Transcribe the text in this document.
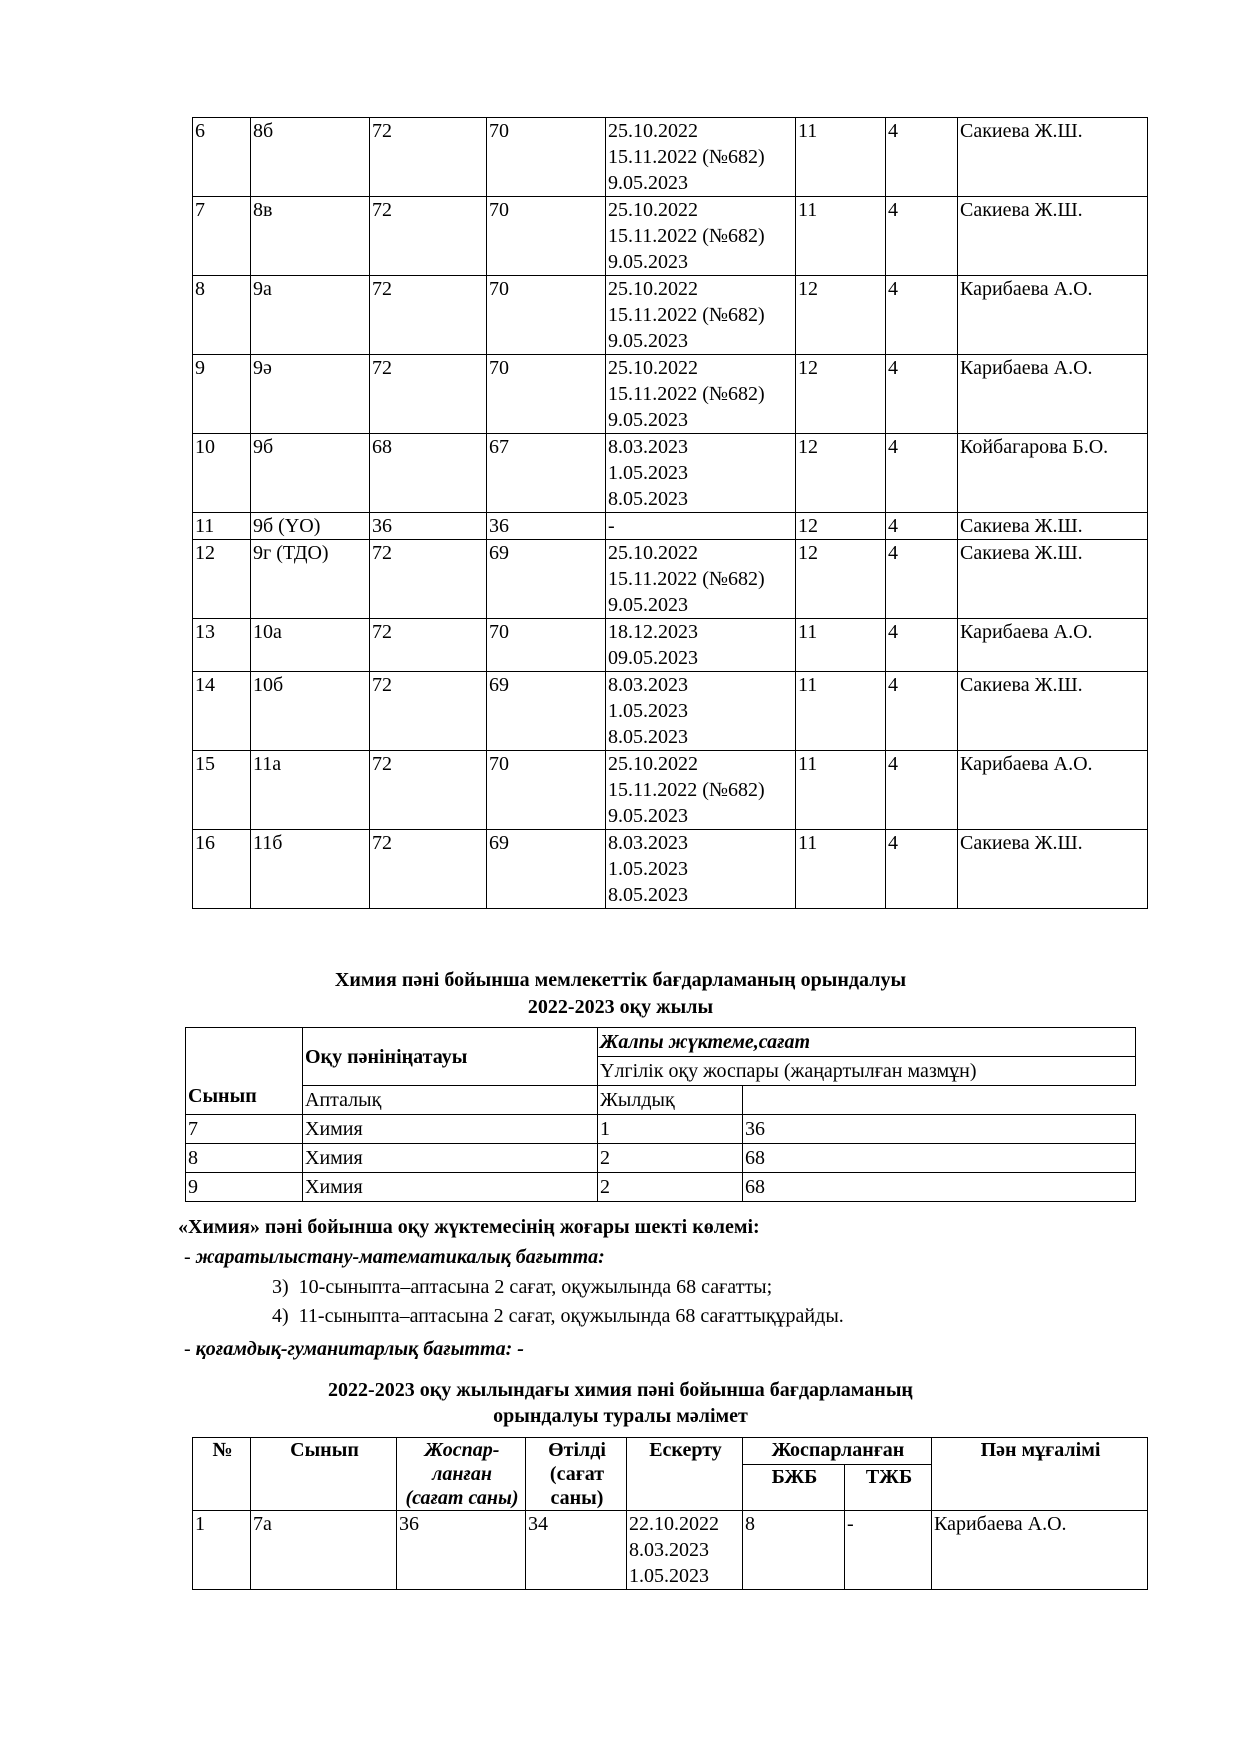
6	8б	72	70	25.10.2022
15.11.2022 (№682)
9.05.2023	11	4	Сакиева Ж.Ш.
7	8в	72	70	25.10.2022
15.11.2022 (№682)
9.05.2023	11	4	Сакиева Ж.Ш.
8	9а	72	70	25.10.2022
15.11.2022 (№682)
9.05.2023	12	4	Карибаева А.О.
9	9ә	72	70	25.10.2022
15.11.2022 (№682)
9.05.2023	12	4	Карибаева А.О.
10	9б	68	67	8.03.2023
1.05.2023
8.05.2023	12	4	Койбагарова Б.О.
11	9б (ҮО)	36	36	-	12	4	Сакиева Ж.Ш.
12	9г (ТДО)	72	69	25.10.2022
15.11.2022 (№682)
9.05.2023	12	4	Сакиева Ж.Ш.
13	10а	72	70	18.12.2023
09.05.2023	11	4	Карибаева А.О.
14	10б	72	69	8.03.2023
1.05.2023
8.05.2023	11	4	Сакиева Ж.Ш.
15	11а	72	70	25.10.2022
15.11.2022 (№682)
9.05.2023	11	4	Карибаева А.О.
16	11б	72	69	8.03.2023
1.05.2023
8.05.2023	11	4	Сакиева Ж.Ш.
Химия пәні бойынша мемлекеттік бағдарламаның орындалуы
2022-2023 оқу жылы
Сынып	Оқу пәнініңатауы	Жалпы жүктеме,сағат	
		Үлгілік оқу жоспары (жаңартылған мазмұн)	
	Апталық	Жылдық	
7	Химия	1	36
8	Химия	2	68
9	Химия	2	68
«Химия» пәні бойынша оқу жүктемесінің жоғары шекті көлемі:
- жаратылыстану-математикалық бағытта:
3) 10-сыныпта–аптасына 2 сағат, оқужылында 68 сағатты;
4) 11-сыныпта–аптасына 2 сағат, оқужылында 68 сағаттықұрайды.
- қоғамдық-гуманитарлық бағытта: -
2022-2023 оқу жылындағы химия пәні бойынша бағдарламаның
орындалуы туралы мәлімет
№	Сынып	Жоспар-
ланған
(сағат саны)	Өтілді
(сағат
саны)	Ескерту	Жоспарланған		Пән мұғалімі
					БЖБ	ТЖБ	
1	7а	36	34	22.10.2022
8.03.2023
1.05.2023	8	-	Карибаева А.О.
